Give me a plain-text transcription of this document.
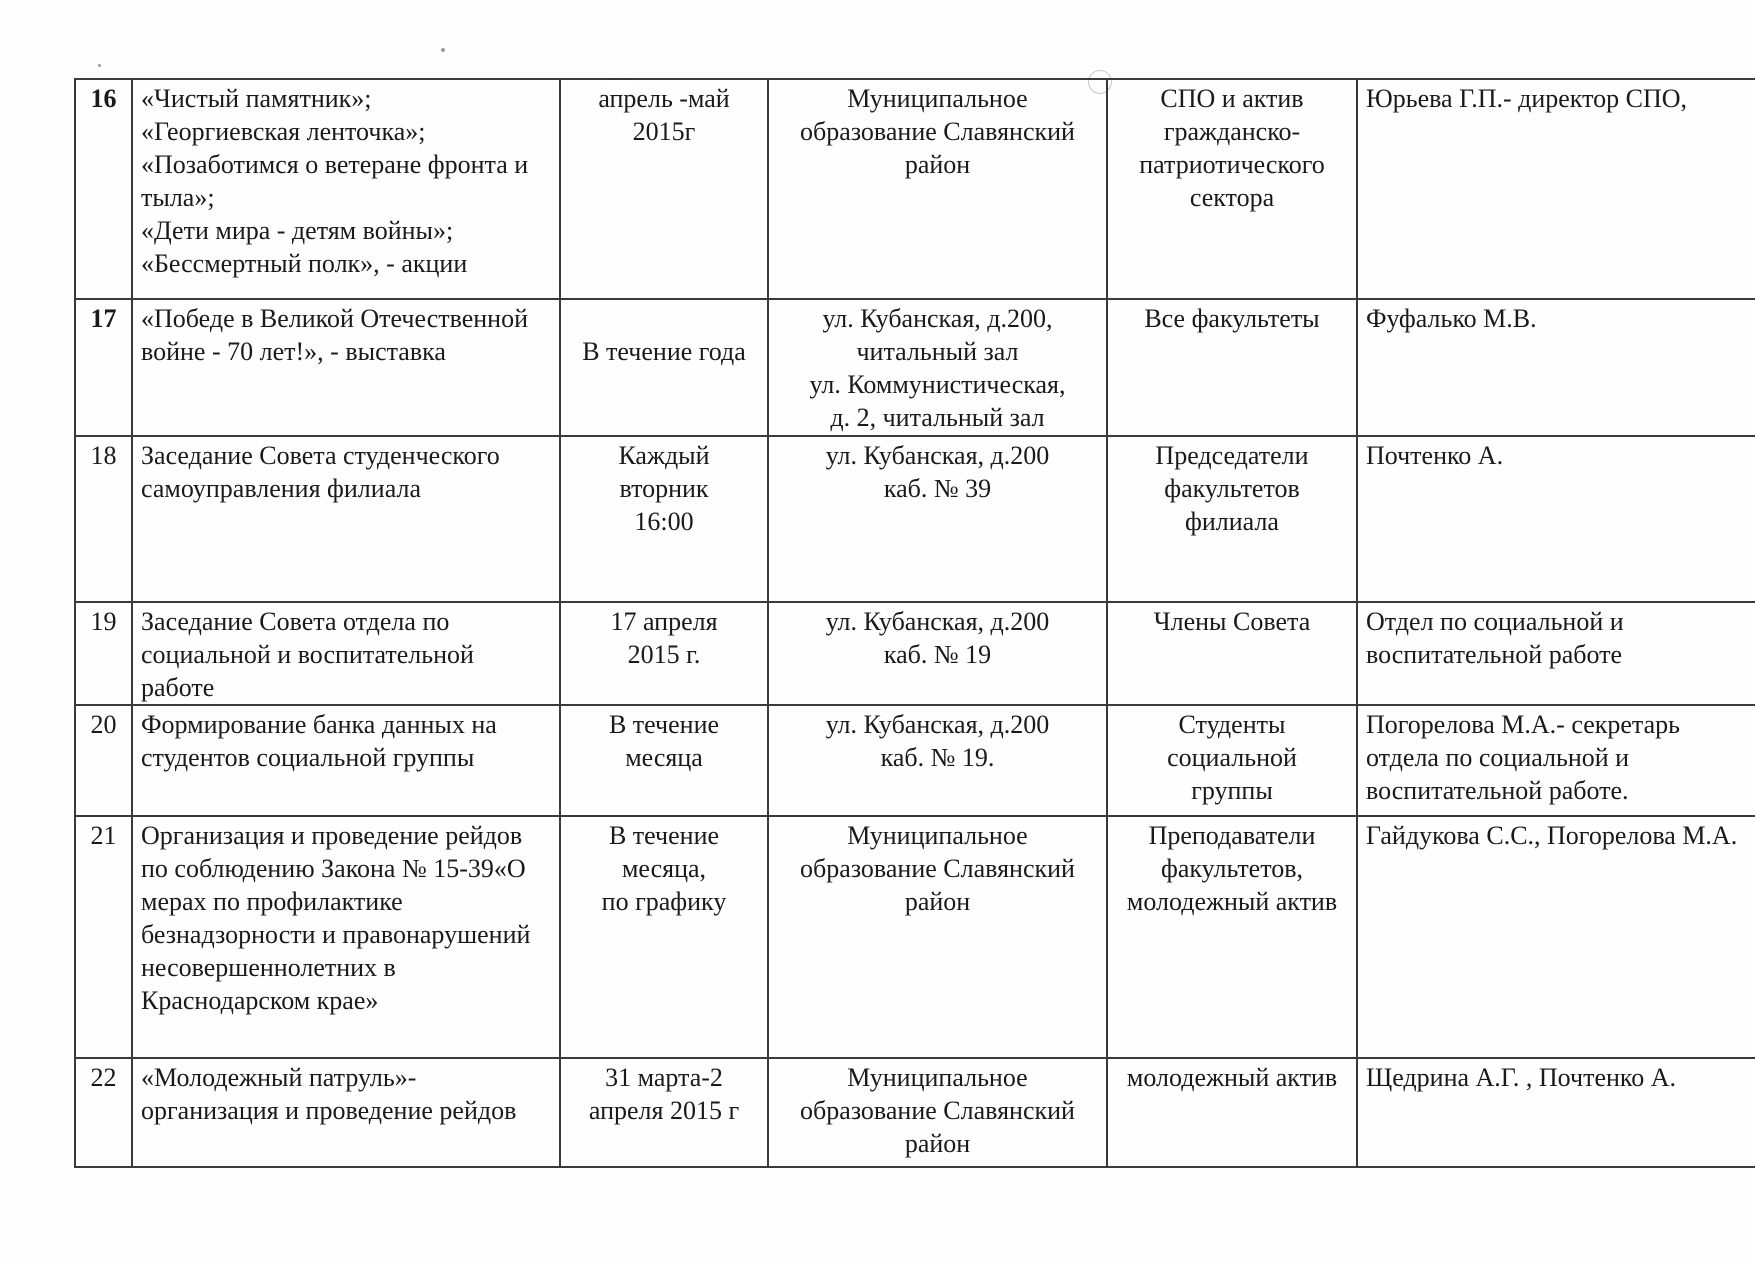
16	«Чистый памятник»;
«Георгиевская ленточка»;
«Позаботимся о ветеране фронта и тыла»;
«Дети мира - детям войны»;
«Бессмертный полк», - акции	апрель -май
2015г	Муниципальное образование Славянский район	СПО и актив гражданско-патриотического сектора	Юрьева Г.П.- директор СПО,
17	«Победе в Великой Отечественной войне - 70 лет!», - выставка	
В течение года	ул. Кубанская, д.200,
читальный зал
ул. Коммунистическая,
д. 2, читальный зал	Все факультеты	Фуфалько М.В.
18	Заседание Совета студенческого самоуправления филиала	Каждый
вторник
16:00	ул. Кубанская, д.200
каб. № 39	Председатели факультетов филиала	Почтенко А.
19	Заседание Совета отдела по социальной и воспитательной работе	17 апреля
2015 г.	ул. Кубанская, д.200
каб. № 19	Члены Совета	Отдел по социальной и воспитательной работе
20	Формирование банка данных на студентов социальной группы	В течение
месяца	ул. Кубанская, д.200
каб. № 19.	Студенты
социальной
группы	Погорелова М.А.- секретарь отдела по социальной и воспитательной работе.
21	Организация и проведение рейдов по соблюдению Закона № 15-39«О мерах по профилактике безнадзорности и правонарушений несовершеннолетних в Краснодарском крае»	В течение
месяца,
по графику	Муниципальное образование Славянский район	Преподаватели факультетов, молодежный актив	Гайдукова С.С., Погорелова М.А.
22	«Молодежный патруль»- организация и проведение рейдов	31 марта-2
апреля 2015 г	Муниципальное образование Славянский район	молодежный актив	Щедрина А.Г. , Почтенко А.
